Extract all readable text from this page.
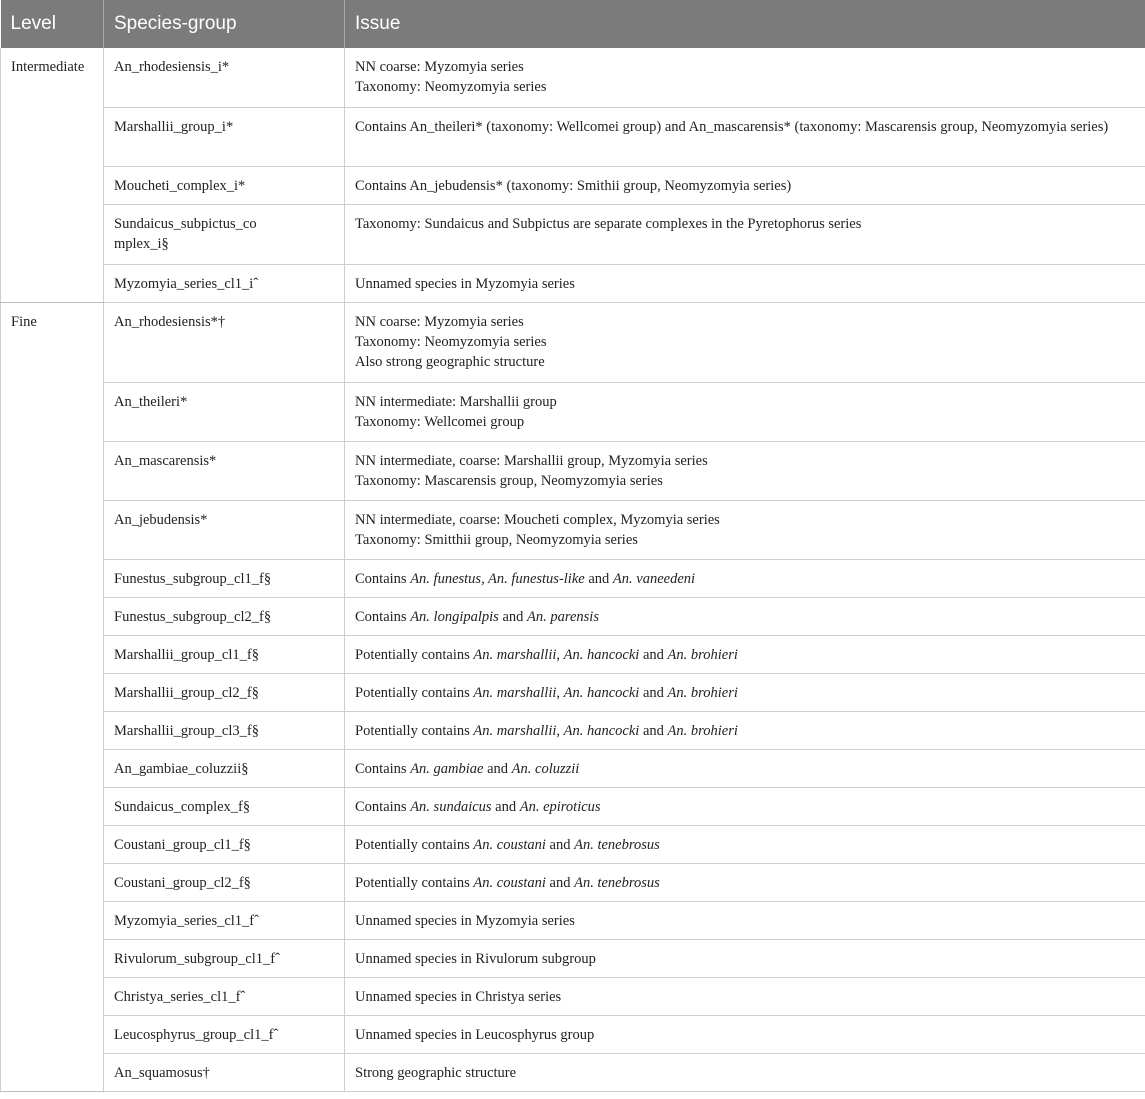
Level	Species-group	Issue
Intermediate	An_rhodesiensis_i*	NN coarse: Myzomyia series
Taxonomy: Neomyzomyia series

	Marshallii_group_i*	Contains An_theileri* (taxonomy: Wellcomei group) and An_mascarensis* (taxonomy: Mascarensis group, Neomyzomyia series)

	Moucheti_complex_i*	Contains An_jebudensis* (taxonomy: Smithii group, Neomyzomyia series)

	Sundaicus_subpictus_complex_i§	Taxonomy: Sundaicus and Subpictus are separate complexes in the Pyretophorus series

	Myzomyia_series_cl1_iˆ	Unnamed species in Myzomyia series

Fine	An_rhodesiensis*†	NN coarse: Myzomyia series
Taxonomy: Neomyzomyia series
Also strong geographic structure

	An_theileri*	NN intermediate: Marshallii group
Taxonomy: Wellcomei group

	An_mascarensis*	NN intermediate, coarse: Marshallii group, Myzomyia series
Taxonomy: Mascarensis group, Neomyzomyia series

	An_jebudensis*	NN intermediate, coarse: Moucheti complex, Myzomyia series
Taxonomy: Smitthii group, Neomyzomyia series

	Funestus_subgroup_cl1_f§	Contains An. funestus, An. funestus-like and An. vaneedeni
	Funestus_subgroup_cl2_f§	Contains An. longipalpis and An. parensis
	Marshallii_group_cl1_f§	Potentially contains An. marshallii, An. hancocki and An. brohieri
	Marshallii_group_cl2_f§	Potentially contains An. marshallii, An. hancocki and An. brohieri
	Marshallii_group_cl3_f§	Potentially contains An. marshallii, An. hancocki and An. brohieri
	An_gambiae_coluzzii§	Contains An. gambiae and An. coluzzii
	Sundaicus_complex_f§	Contains An. sundaicus and An. epiroticus
	Coustani_group_cl1_f§	Potentially contains An. coustani and An. tenebrosus
	Coustani_group_cl2_f§	Potentially contains An. coustani and An. tenebrosus
	Myzomyia_series_cl1_fˆ	Unnamed species in Myzomyia series

	Rivulorum_subgroup_cl1_fˆ	Unnamed species in Rivulorum subgroup

	Christya_series_cl1_fˆ	Unnamed species in Christya series

	Leucosphyrus_group_cl1_fˆ	Unnamed species in Leucosphyrus group

	An_squamosus†	Strong geographic structure
